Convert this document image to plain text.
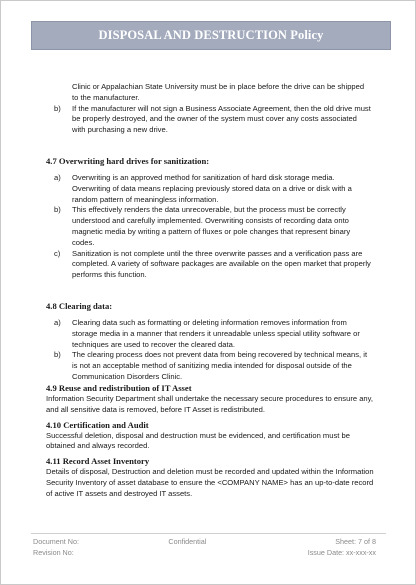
DISPOSAL AND DESTRUCTION Policy

Clinic or Appalachian State University must be in place before the drive can be shipped to the manufacturer.

b)	If the manufacturer will not sign a Business Associate Agreement, then the old drive must be properly destroyed, and the owner of the system must cover any costs associated with purchasing a new drive.
4.7 Overwriting hard drives for sanitization:
a)	Overwriting is an approved method for sanitization of hard disk storage media. Overwriting of data means replacing previously stored data on a drive or disk with a random pattern of meaningless information.
b)	This effectively renders the data unrecoverable, but the process must be correctly understood and carefully implemented. Overwriting consists of recording data onto magnetic media by writing a pattern of fluxes or pole changes that represent binary codes.
c)	Sanitization is not complete until the three overwrite passes and a verification pass are completed. A variety of software packages are available on the open market that properly performs this function.
4.8 Clearing data:
a)	Clearing data such as formatting or deleting information removes information from storage media in a manner that renders it unreadable unless special utility software or techniques are used to recover the cleared data.
b)	The clearing process does not prevent data from being recovered by technical means, it is not an acceptable method of sanitizing media intended for disposal outside of the Communication Disorders Clinic.
4.9 Reuse and redistribution of IT Asset

Information Security Department shall undertake the necessary secure procedures to ensure any, and all sensitive data is removed, before IT Asset is redistributed.

4.10 Certification and Audit

Successful deletion, disposal and destruction must be evidenced, and certification must be obtained and always recorded.

4.11 Record Asset Inventory

Details of disposal, Destruction and deletion must be recorded and updated within the Information Security Inventory of asset database to ensure the <COMPANY NAME> has an up-to-date record of active IT assets and destroyed IT assets.

Document No:	Confidential	Sheet: 7 of 8
Revision No:	Issue Date: xx-xxx-xx
